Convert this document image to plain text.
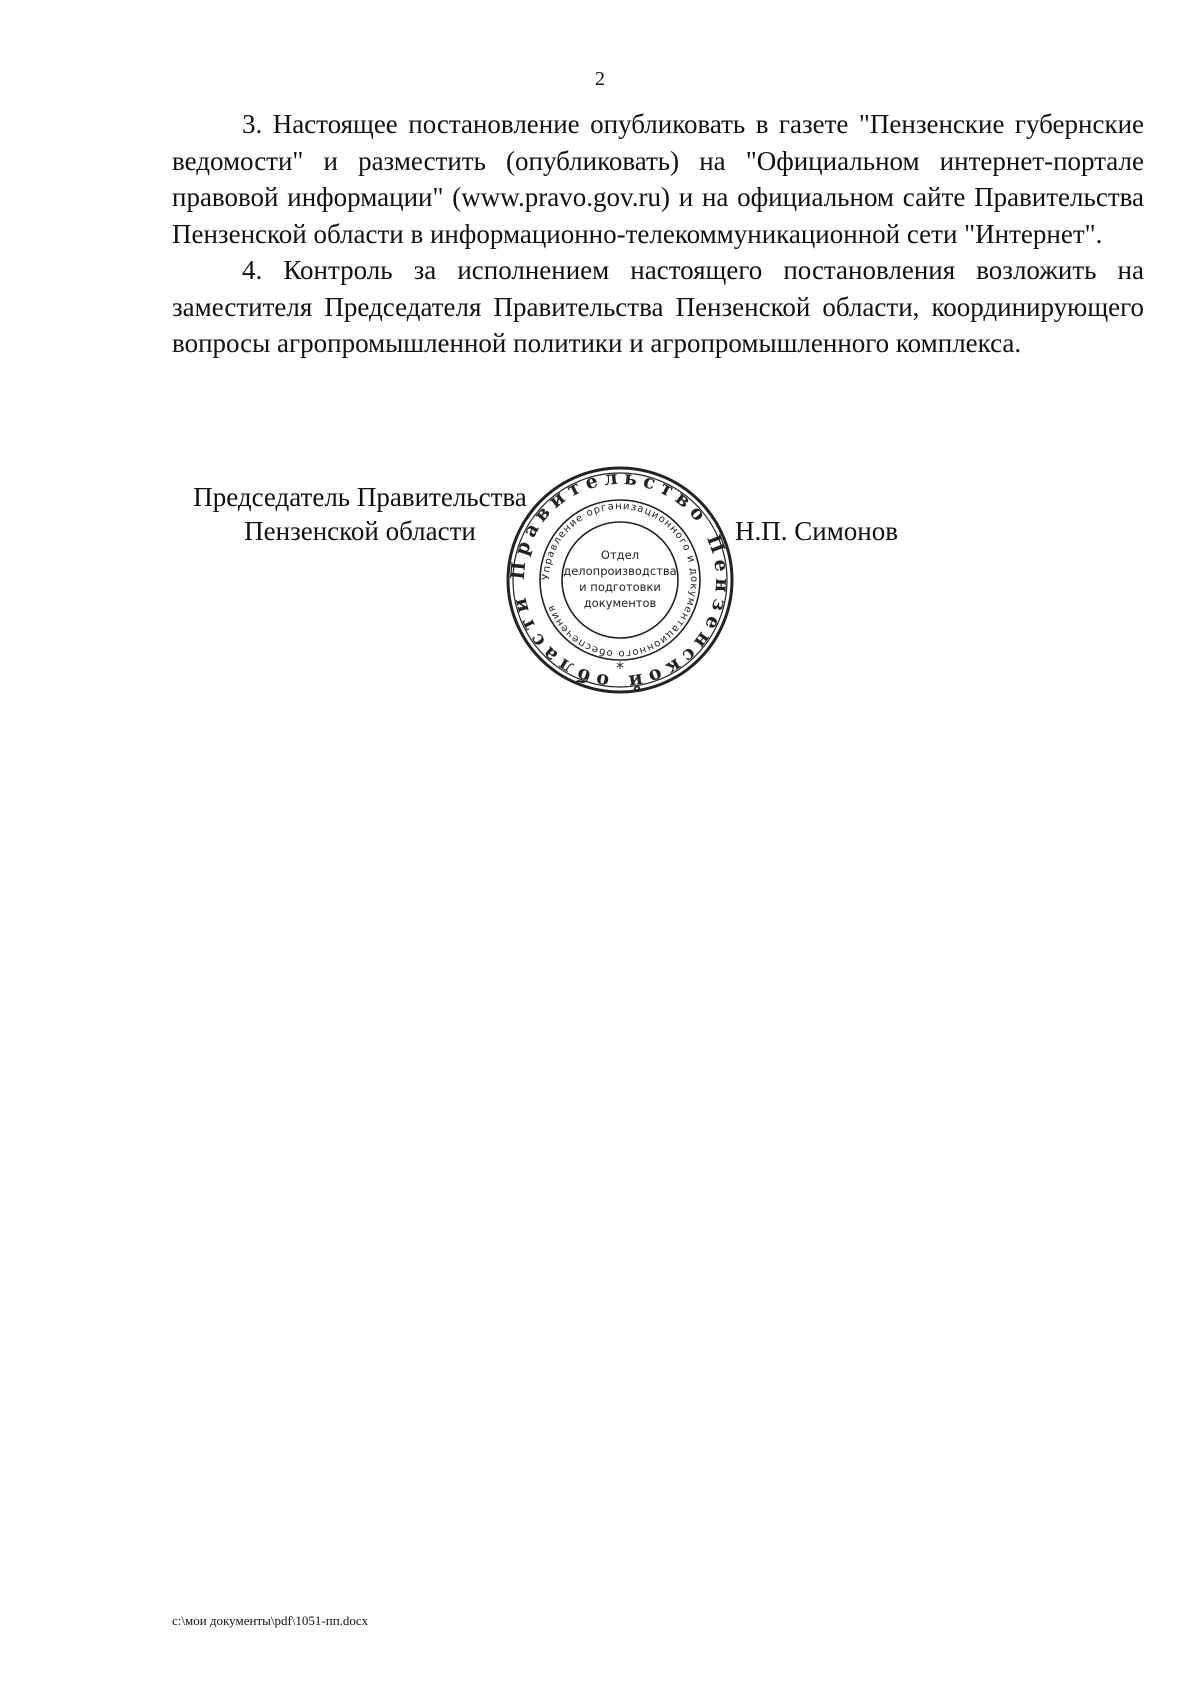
2

3. Настоящее постановление опубликовать в газете "Пензенские губернские ведомости" и разместить (опубликовать) на "Официальном интернет-портале правовой информации" (www.pravo.gov.ru) и на официальном сайте Правительства Пензенской области в информационно-телекоммуникационной сети "Интернет".

4. Контроль за исполнением настоящего постановления возложить на заместителя Председателя Правительства Пензенской области, координирующего вопросы агропромышленной политики и агропромышленного комплекса.

Председатель Правительства
Пензенской области
Правительство Пензенской области
Управление организационного и документационного обеспечения
Отдел
делопроизводства
и подготовки
документов
*
Н.П. Симонов
c:\мои документы\pdf\1051-пп.docx
